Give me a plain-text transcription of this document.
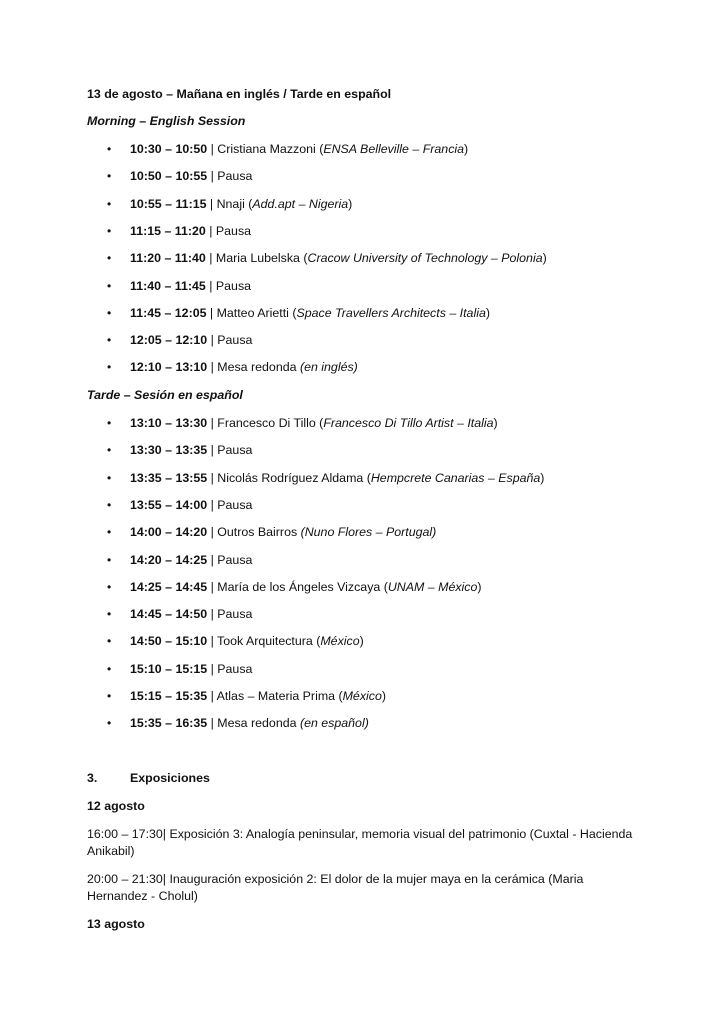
13 de agosto – Mañana en inglés / Tarde en español
Morning – English Session
• 10:30 – 10:50 | Cristiana Mazzoni (ENSA Belleville – Francia)
• 10:50 – 10:55 | Pausa
• 10:55 – 11:15 | Nnaji (Add.apt – Nigeria)
• 11:15 – 11:20 | Pausa
• 11:20 – 11:40 | Maria Lubelska (Cracow University of Technology – Polonia)
• 11:40 – 11:45 | Pausa
• 11:45 – 12:05 | Matteo Arietti (Space Travellers Architects – Italia)
• 12:05 – 12:10 | Pausa
• 12:10 – 13:10 | Mesa redonda (en inglés)
Tarde – Sesión en español
• 13:10 – 13:30 | Francesco Di Tillo (Francesco Di Tillo Artist – Italia)
• 13:30 – 13:35 | Pausa
• 13:35 – 13:55 | Nicolás Rodríguez Aldama (Hempcrete Canarias – España)
• 13:55 – 14:00 | Pausa
• 14:00 – 14:20 | Outros Bairros (Nuno Flores – Portugal)
• 14:20 – 14:25 | Pausa
• 14:25 – 14:45 | María de los Ángeles Vizcaya (UNAM – México)
• 14:45 – 14:50 | Pausa
• 14:50 – 15:10 | Took Arquitectura (México)
• 15:10 – 15:15 | Pausa
• 15:15 – 15:35 | Atlas – Materia Prima (México)
• 15:35 – 16:35 | Mesa redonda (en español)
3.	Exposiciones
12 agosto
16:00 – 17:30| Exposición 3: Analogía peninsular, memoria visual del patrimonio (Cuxtal - Hacienda Anikabil)
20:00 – 21:30| Inauguración exposición 2: El dolor de la mujer maya en la cerámica (Maria Hernandez - Cholul)
13 agosto
